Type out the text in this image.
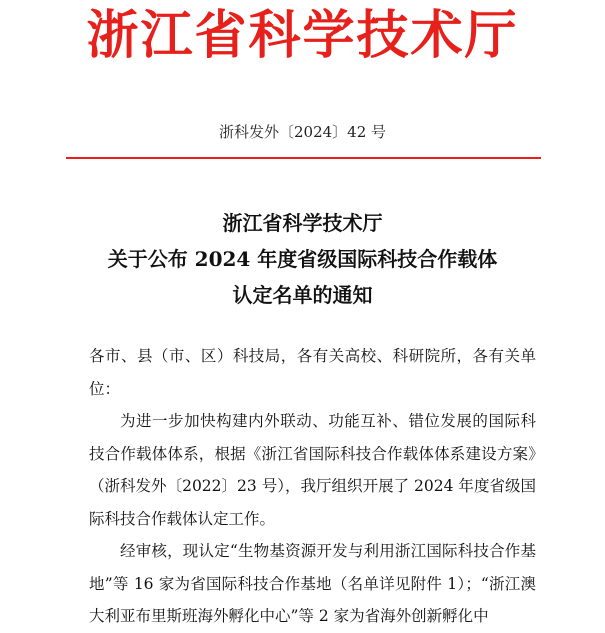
浙江省科学技术厅
浙科发外〔2024〕42 号
浙江省科学技术厅
关于公布 2024 年度省级国际科技合作载体
认定名单的通知

各市、县（市、区）科技局，各有关高校、科研院所，各有关单位：

为进一步加快构建内外联动、功能互补、错位发展的国际科技合作载体体系，根据《浙江省国际科技合作载体体系建设方案》（浙科发外〔2022〕23 号），我厅组织开展了 2024 年度省级国际科技合作载体认定工作。

经审核，现认定“生物基资源开发与利用浙江国际科技合作基地”等 16 家为省国际科技合作基地（名单详见附件 1）；“浙江澳大利亚布里斯班海外孵化中心”等 2 家为省海外创新孵化中
